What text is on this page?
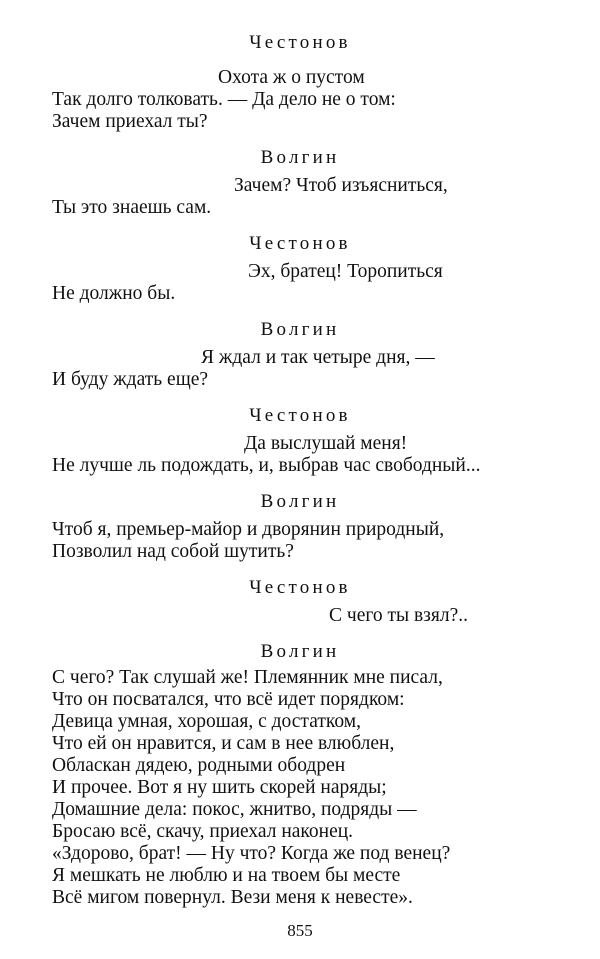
Честонов
Охота ж о пустом
Так долго толковать. — Да дело не о том:
Зачем приехал ты?
Волгин
Зачем? Чтоб изъясниться,
Ты это знаешь сам.
Честонов
Эх, братец! Торопиться
Не должно бы.
Волгин
Я ждал и так четыре дня, —
И буду ждать еще?
Честонов
Да выслушай меня!
Не лучше ль подождать, и, выбрав час свободный...
Волгин
Чтоб я, премьер-майор и дворянин природный,
Позволил над собой шутить?
Честонов
С чего ты взял?..
Волгин
С чего? Так слушай же! Племянник мне писал,
Что он посватался, что всё идет порядком:
Девица умная, хорошая, с достатком,
Что ей он нравится, и сам в нее влюблен,
Обласкан дядею, родными ободрен
И прочее. Вот я ну шить скорей наряды;
Домашние дела: покос, жнитво, подряды —
Бросаю всё, скачу, приехал наконец.
«Здорово, брат! — Ну что? Когда же под венец?
Я мешкать не люблю и на твоем бы месте
Всё мигом повернул. Вези меня к невесте».
855
